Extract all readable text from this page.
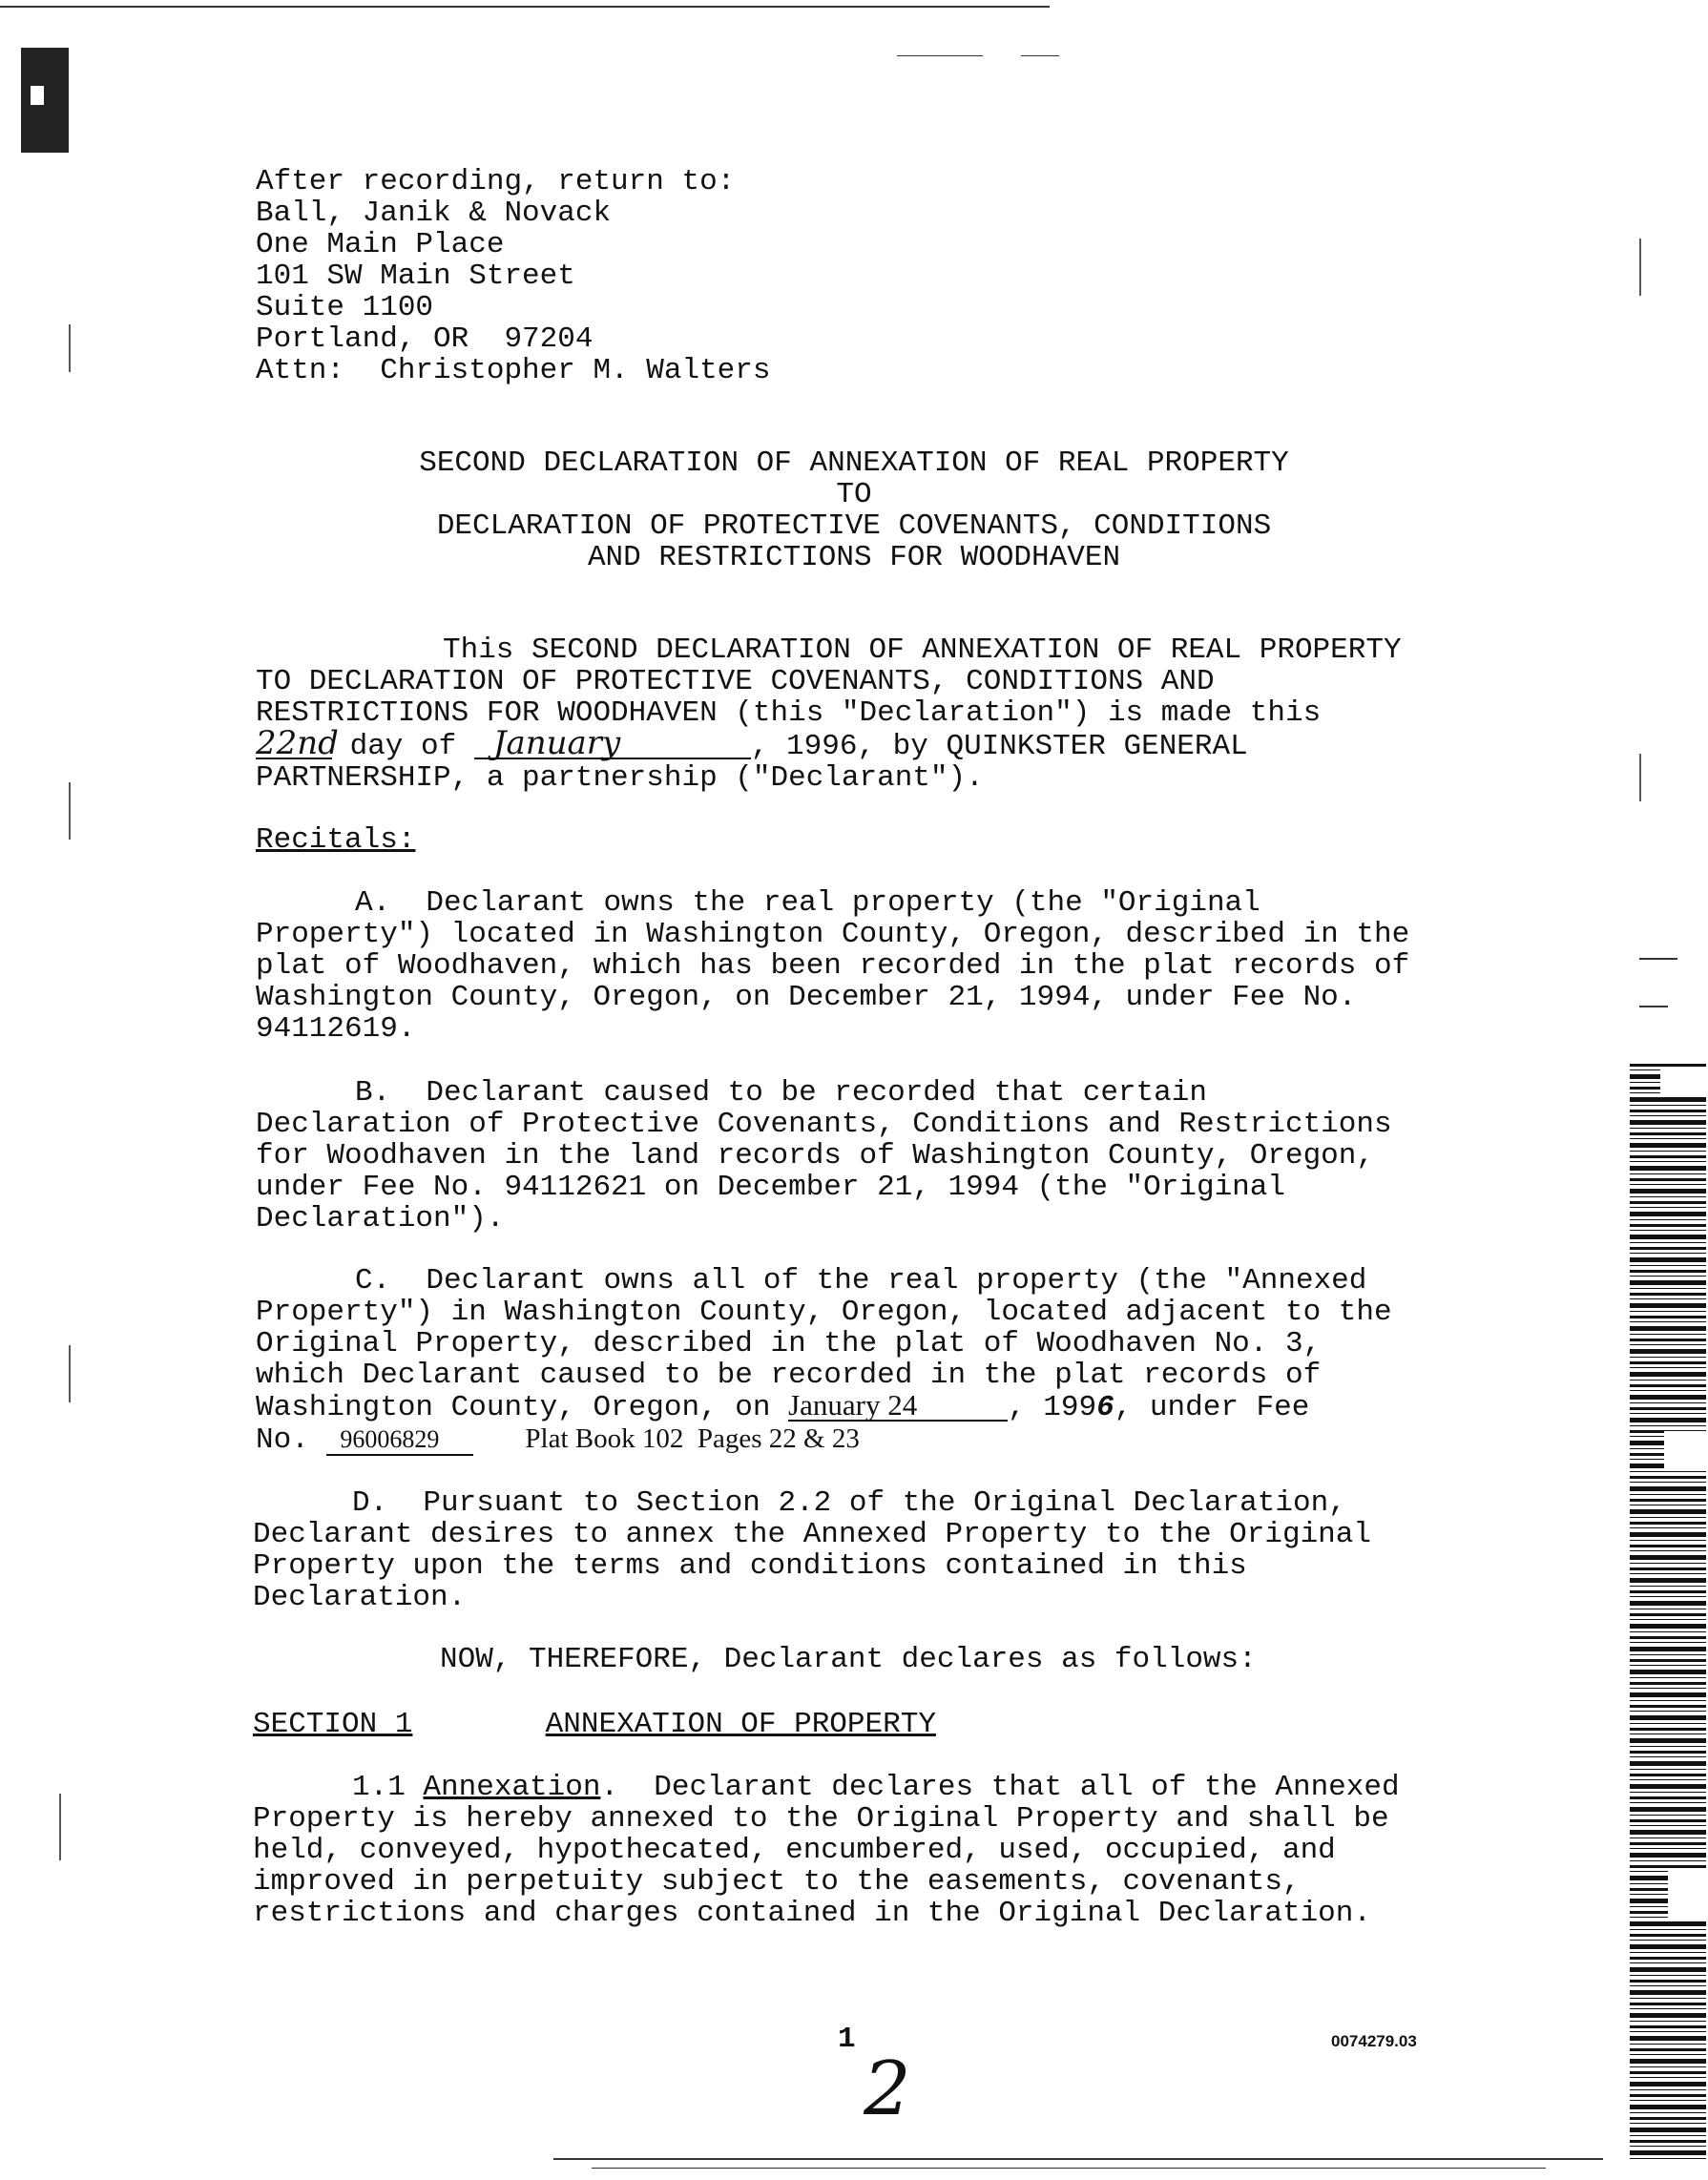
After recording, return to:
Ball, Janik & Novack
One Main Place
101 SW Main Street
Suite 1100
Portland, OR  97204
Attn:  Christopher M. Walters
SECOND DECLARATION OF ANNEXATION OF REAL PROPERTY
TO
DECLARATION OF PROTECTIVE COVENANTS, CONDITIONS
AND RESTRICTIONS FOR WOODHAVEN
This SECOND DECLARATION OF ANNEXATION OF REAL PROPERTY
TO DECLARATION OF PROTECTIVE COVENANTS, CONDITIONS AND
RESTRICTIONS FOR WOODHAVEN (this "Declaration") is made this
22nd day of January	, 1996, by QUINKSTER GENERAL
PARTNERSHIP, a partnership ("Declarant").
Recitals:
A.  Declarant owns the real property (the "Original
Property") located in Washington County, Oregon, described in the
plat of Woodhaven, which has been recorded in the plat records of
Washington County, Oregon, on December 21, 1994, under Fee No.
94112619.
B.  Declarant caused to be recorded that certain
Declaration of Protective Covenants, Conditions and Restrictions
for Woodhaven in the land records of Washington County, Oregon,
under Fee No. 94112621 on December 21, 1994 (the "Original
Declaration").
C.  Declarant owns all of the real property (the "Annexed
Property") in Washington County, Oregon, located adjacent to the
Original Property, described in the plat of Woodhaven No. 3,
which Declarant caused to be recorded in the plat records of
Washington County, Oregon, on January 24	, 1996, under Fee
No. 96006829	Plat Book 102  Pages 22 & 23
D.  Pursuant to Section 2.2 of the Original Declaration,
Declarant desires to annex the Annexed Property to the Original
Property upon the terms and conditions contained in this
Declaration.
NOW, THEREFORE, Declarant declares as follows:
SECTION 1	ANNEXATION OF PROPERTY
1.1 Annexation.  Declarant declares that all of the Annexed
Property is hereby annexed to the Original Property and shall be
held, conveyed, hypothecated, encumbered, used, occupied, and
improved in perpetuity subject to the easements, covenants,
restrictions and charges contained in the Original Declaration.
1	0074279.03
2
